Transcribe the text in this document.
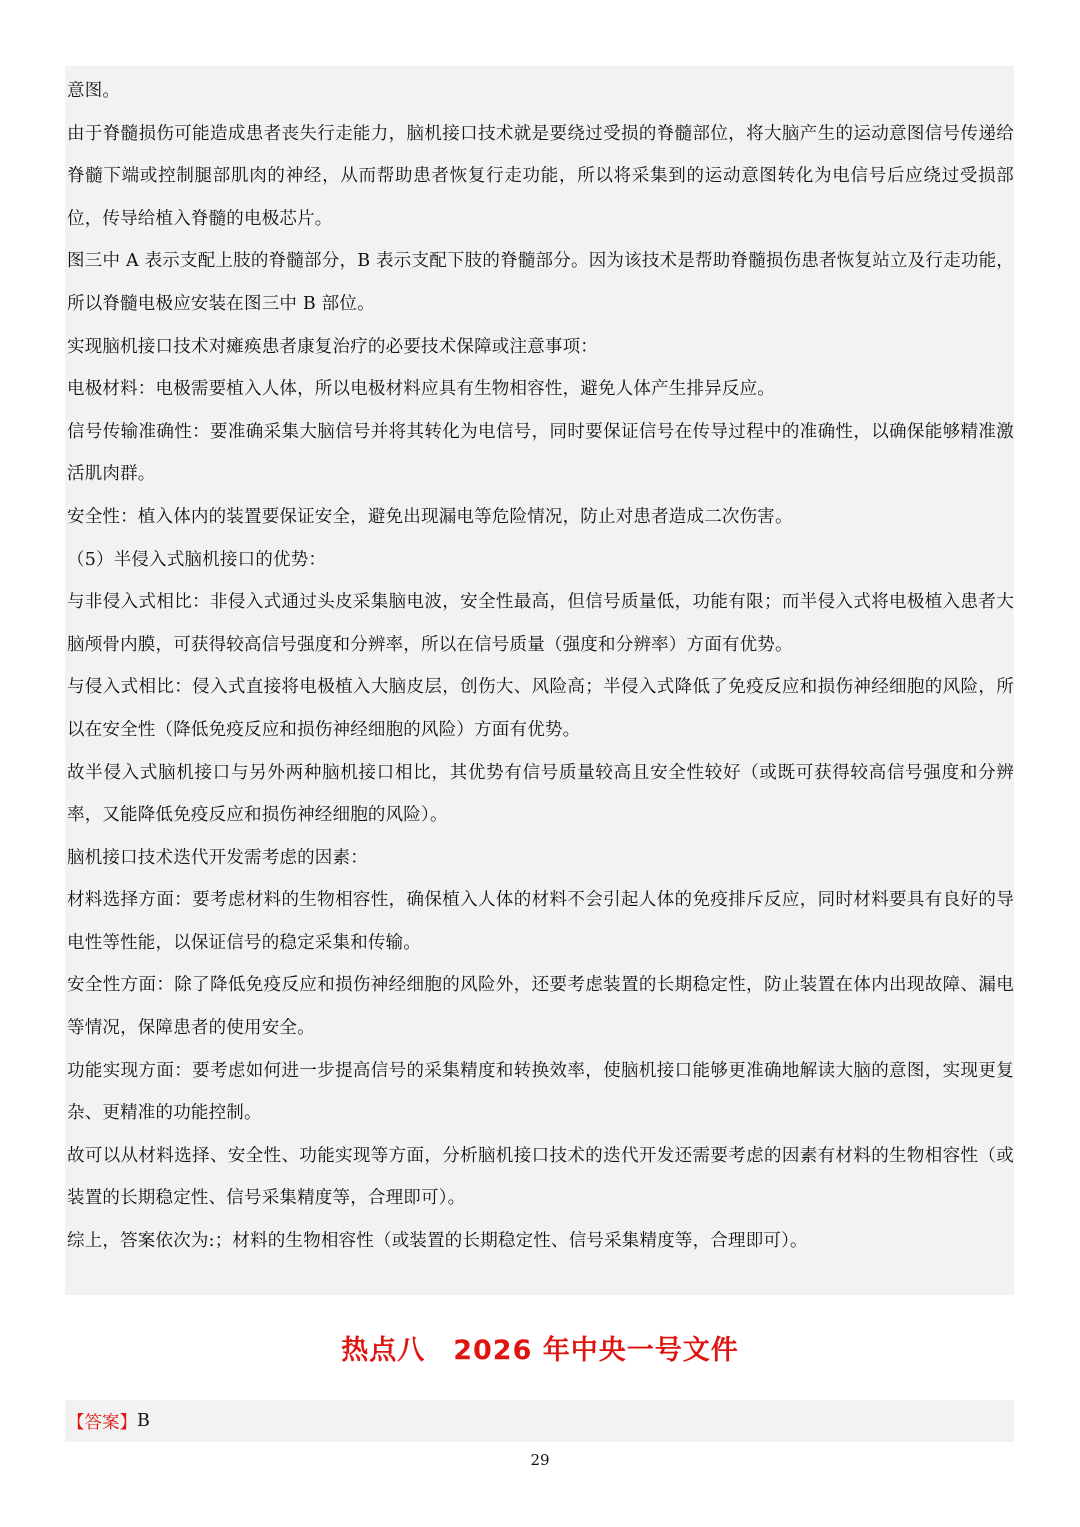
意图。

由于脊髓损伤可能造成患者丧失行走能力，脑机接口技术就是要绕过受损的脊髓部位，将大脑产生的运动意图信号传递给脊髓下端或控制腿部肌肉的神经，从而帮助患者恢复行走功能，所以将采集到的运动意图转化为电信号后应绕过受损部位，传导给植入脊髓的电极芯片。

图三中 A 表示支配上肢的脊髓部分，B 表示支配下肢的脊髓部分。因为该技术是帮助脊髓损伤患者恢复站立及行走功能，所以脊髓电极应安装在图三中 B 部位。

实现脑机接口技术对瘫痪患者康复治疗的必要技术保障或注意事项：

电极材料：电极需要植入人体，所以电极材料应具有生物相容性，避免人体产生排异反应。

信号传输准确性：要准确采集大脑信号并将其转化为电信号，同时要保证信号在传导过程中的准确性，以确保能够精准激活肌肉群。

安全性：植入体内的装置要保证安全，避免出现漏电等危险情况，防止对患者造成二次伤害。

（5）半侵入式脑机接口的优势：

与非侵入式相比：非侵入式通过头皮采集脑电波，安全性最高，但信号质量低，功能有限；而半侵入式将电极植入患者大脑颅骨内膜，可获得较高信号强度和分辨率，所以在信号质量（强度和分辨率）方面有优势。

与侵入式相比：侵入式直接将电极植入大脑皮层，创伤大、风险高；半侵入式降低了免疫反应和损伤神经细胞的风险，所以在安全性（降低免疫反应和损伤神经细胞的风险）方面有优势。

故半侵入式脑机接口与另外两种脑机接口相比，其优势有信号质量较高且安全性较好（或既可获得较高信号强度和分辨率，又能降低免疫反应和损伤神经细胞的风险）。

脑机接口技术迭代开发需考虑的因素：

材料选择方面：要考虑材料的生物相容性，确保植入人体的材料不会引起人体的免疫排斥反应，同时材料要具有良好的导电性等性能，以保证信号的稳定采集和传输。

安全性方面：除了降低免疫反应和损伤神经细胞的风险外，还要考虑装置的长期稳定性，防止装置在体内出现故障、漏电等情况，保障患者的使用安全。

功能实现方面：要考虑如何进一步提高信号的采集精度和转换效率，使脑机接口能够更准确地解读大脑的意图，实现更复杂、更精准的功能控制。

故可以从材料选择、安全性、功能实现等方面，分析脑机接口技术的迭代开发还需要考虑的因素有材料的生物相容性（或装置的长期稳定性、信号采集精度等，合理即可）。

综上，答案依次为:；材料的生物相容性（或装置的长期稳定性、信号采集精度等，合理即可）。

热点八　2026 年中央一号文件
【答案】 B
29
